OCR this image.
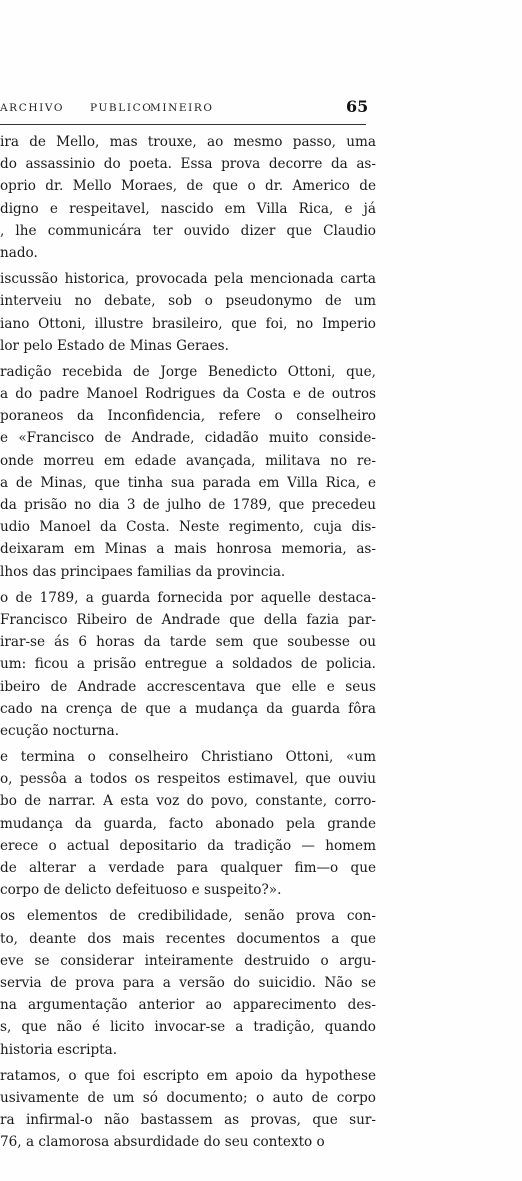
ARCHIVO PUBLICO
MINEIRO	65
ira de Mello, mas trouxe, ao mesmo passo, uma
do assassinio do poeta. Essa prova decorre da as-
oprio dr. Mello Moraes, de que o dr. Americo de
digno e respeitavel, nascido em Villa Rica, e já
, lhe communicára ter ouvido dizer que Claudio
nado.
iscussão historica, provocada pela mencionada carta
interveiu no debate, sob o pseudonymo de um
iano Ottoni, illustre brasileiro, que foi, no Imperio
lor pelo Estado de Minas Geraes.
radição recebida de Jorge Benedicto Ottoni, que,
a do padre Manoel Rodrigues da Costa e de outros
poraneos da Inconfidencia, refere o conselheiro
e «Francisco de Andrade, cidadão muito conside-
onde morreu em edade avançada, militava no re-
a de Minas, que tinha sua parada em Villa Rica, e
da prisão no dia 3 de julho de 1789, que precedeu
udio Manoel da Costa. Neste regimento, cuja dis-
deixaram em Minas a mais honrosa memoria, as-
lhos das principaes familias da provincia.
o de 1789, a guarda fornecida por aquelle destaca-
Francisco Ribeiro de Andrade que della fazia par-
irar-se ás 6 horas da tarde sem que soubesse ou
um: ficou a prisão entregue a soldados de policia.
ibeiro de Andrade accrescentava que elle e seus
cado na crença de que a mudança da guarda fôra
ecução nocturna.
e termina o conselheiro Christiano Ottoni, «um
o, pessôa a todos os respeitos estimavel, que ouviu
bo de narrar. A esta voz do povo, constante, corro-
mudança da guarda, facto abonado pela grande
erece o actual depositario da tradição — homem
de alterar a verdade para qualquer fim—o que
corpo de delicto defeituoso e suspeito?».
os elementos de credibilidade, senão prova con-
to, deante dos mais recentes documentos a que
eve se considerar inteiramente destruido o argu-
servia de prova para a versão do suicidio. Não se
na argumentação anterior ao apparecimento des-
s, que não é licito invocar-se a tradição, quando
historia escripta.
ratamos, o que foi escripto em apoio da hypothese
usivamente de um só documento; o auto de corpo
ra infirmal-o não bastassem as provas, que sur-
76, a clamorosa absurdidade do seu contexto o
